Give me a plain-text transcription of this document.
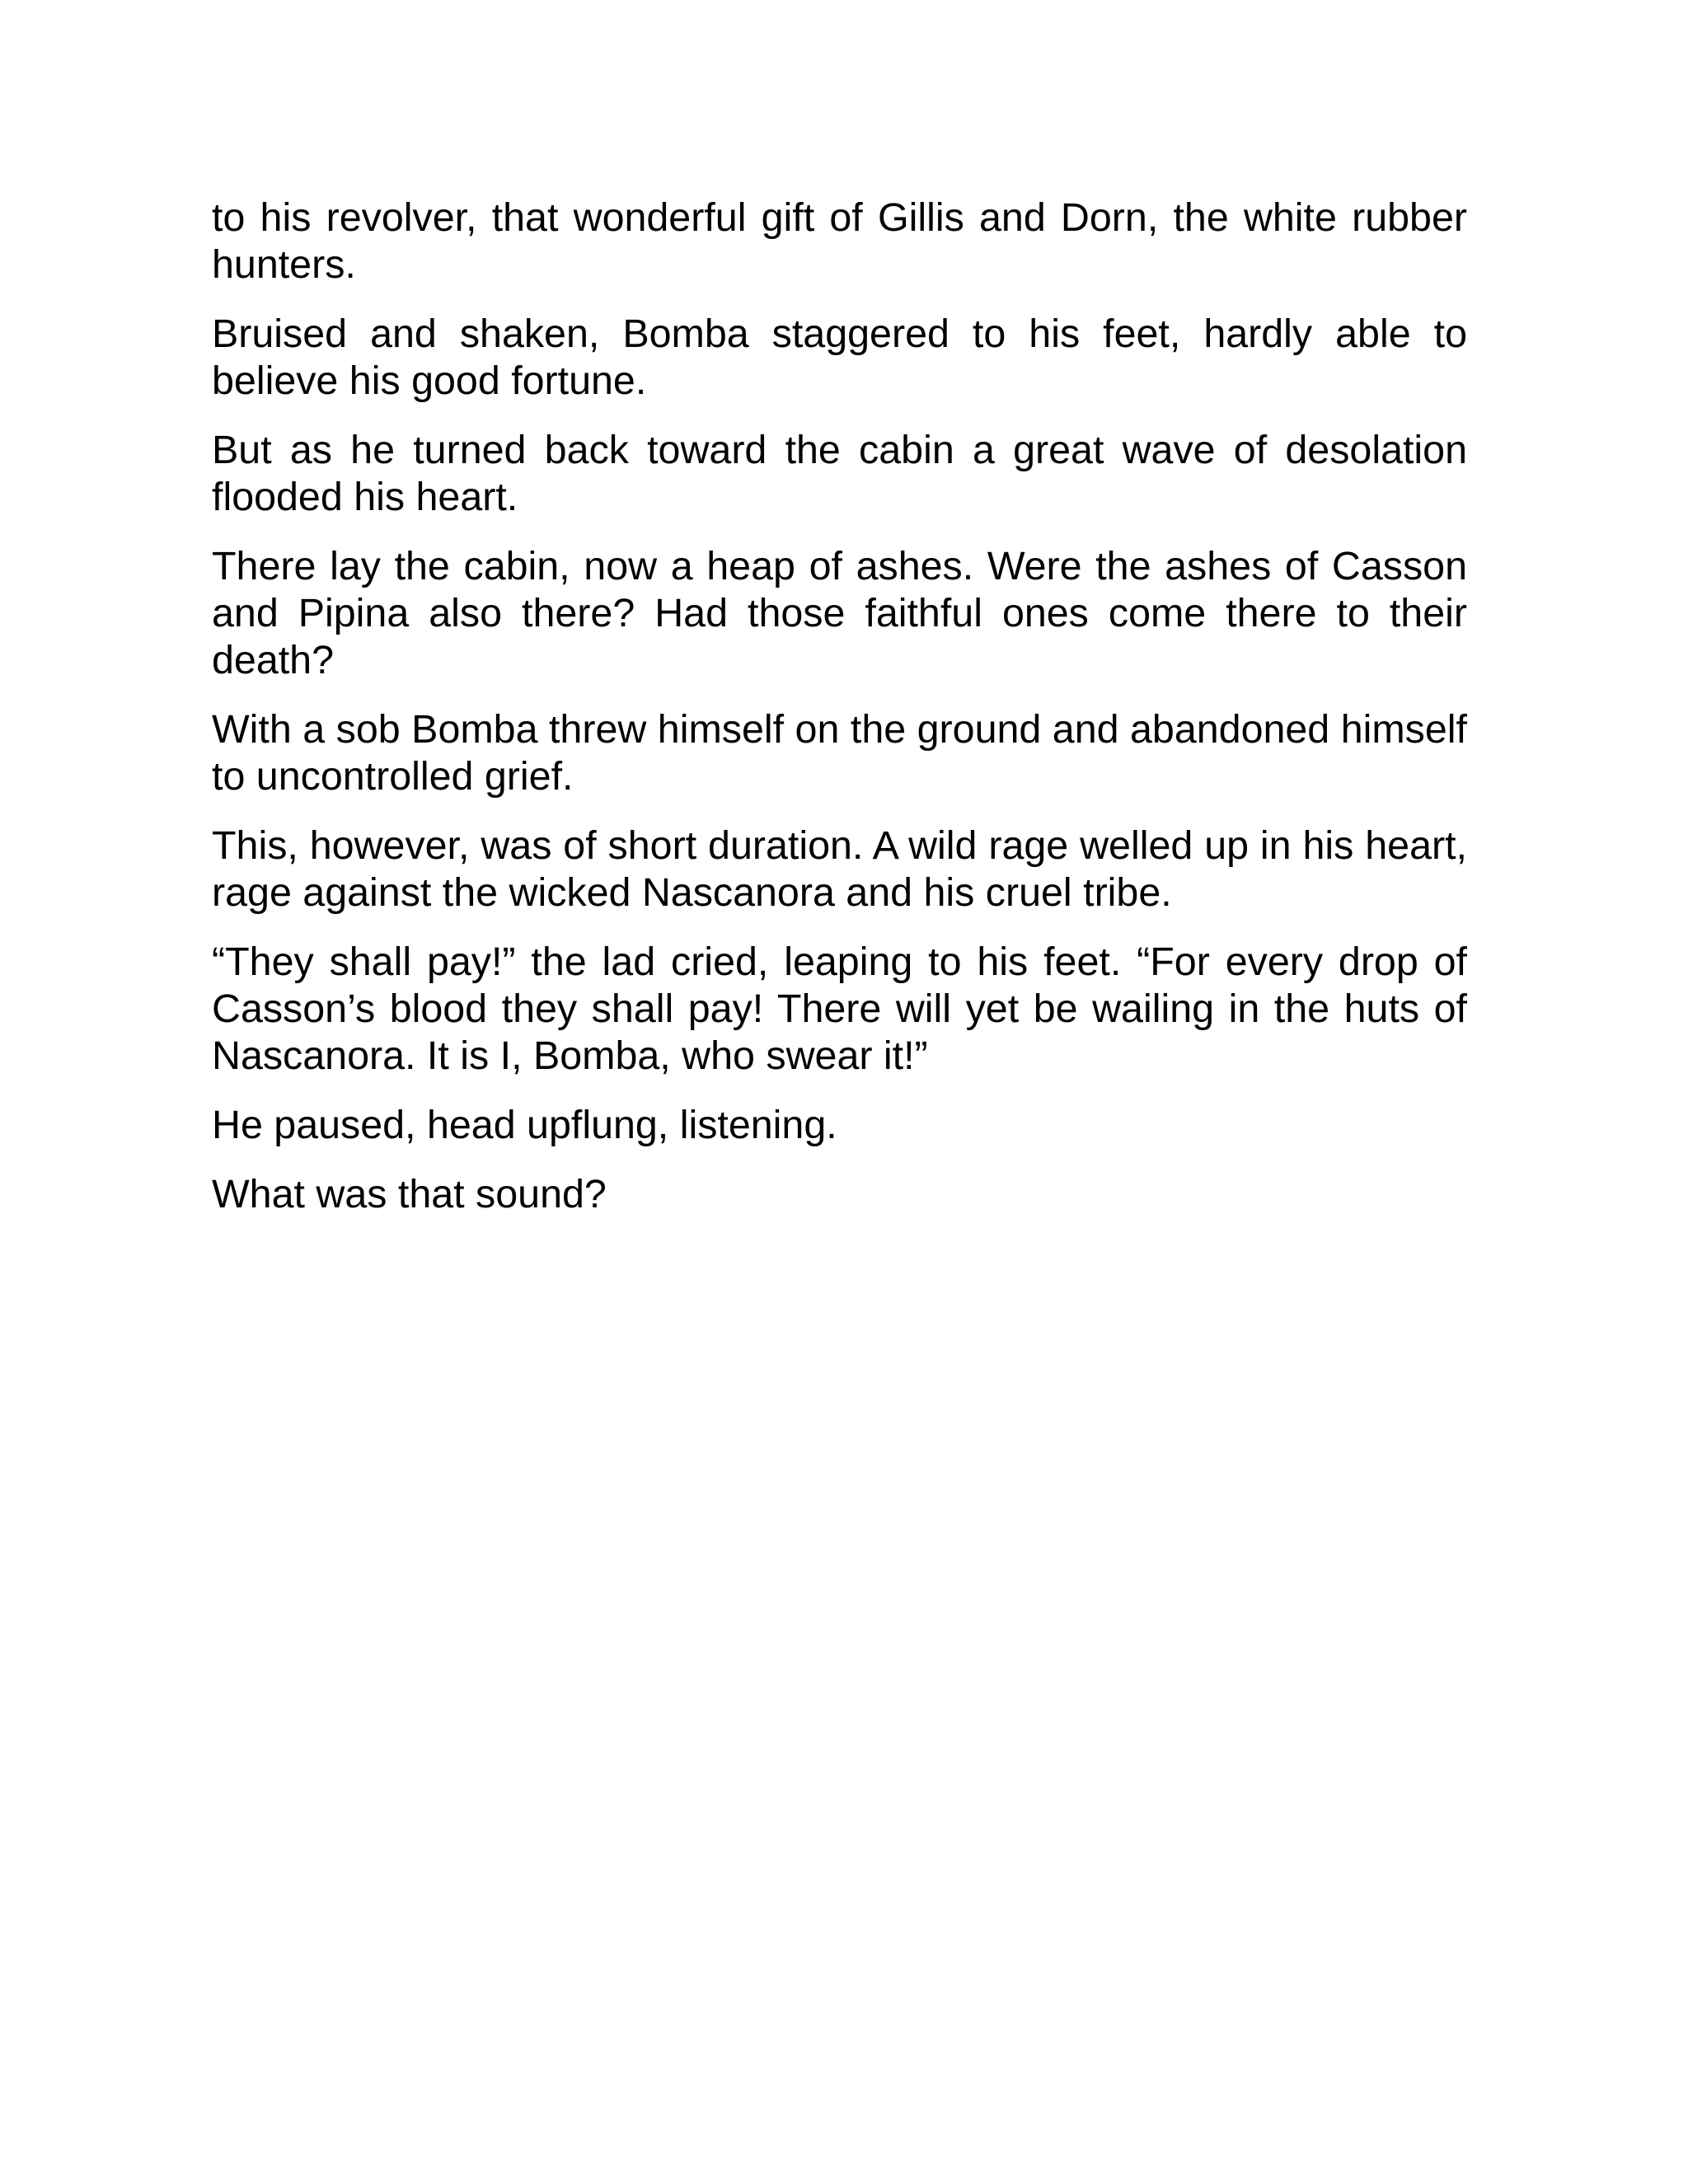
to his revolver, that wonderful gift of Gillis and Dorn, the white rubber hunters.

Bruised and shaken, Bomba staggered to his feet, hardly able to believe his good fortune.

But as he turned back toward the cabin a great wave of desolation flooded his heart.

There lay the cabin, now a heap of ashes. Were the ashes of Casson and Pipina also there? Had those faithful ones come there to their death?

With a sob Bomba threw himself on the ground and abandoned himself to uncontrolled grief.

This, however, was of short duration. A wild rage welled up in his heart, rage against the wicked Nascanora and his cruel tribe.

“They shall pay!” the lad cried, leaping to his feet. “For every drop of Casson’s blood they shall pay! There will yet be wailing in the huts of Nascanora. It is I, Bomba, who swear it!”

He paused, head upflung, listening.

What was that sound?
